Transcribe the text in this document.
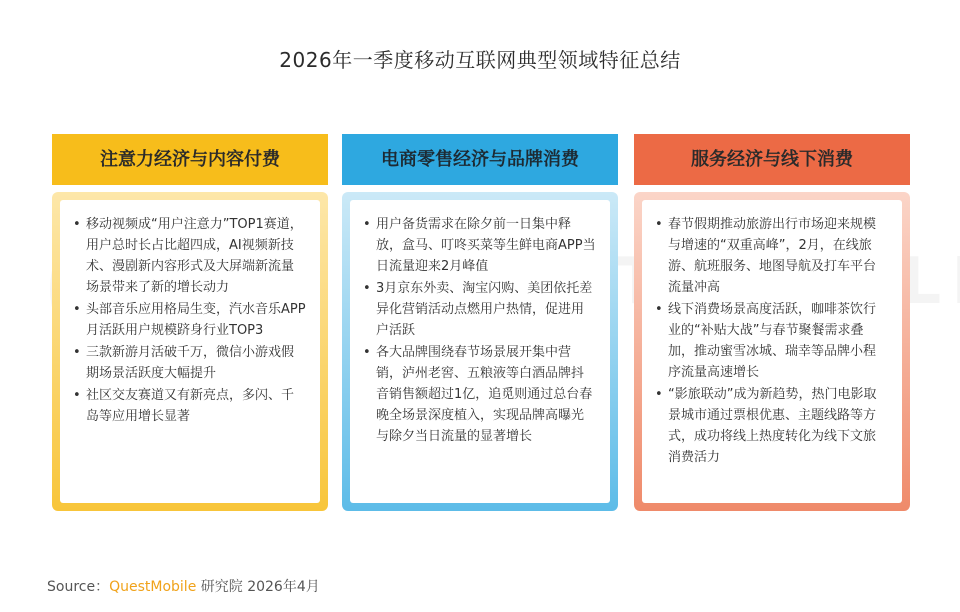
2026年一季度移动互联网典型领域特征总结
注意力经济与内容付费
• 移动视频成“用户注意力”TOP1赛道，用户总时长占比超四成，AI视频新技术、漫剧新内容形式及大屏端新流量场景带来了新的增长动力
• 头部音乐应用格局生变，汽水音乐APP月活跃用户规模跻身行业TOP3
• 三款新游月活破千万，微信小游戏假期场景活跃度大幅提升
• 社区交友赛道又有新亮点，多闪、千岛等应用增长显著
电商零售经济与品牌消费
• 用户备货需求在除夕前一日集中释放，盒马、叮咚买菜等生鲜电商APP当日流量迎来2月峰值
• 3月京东外卖、淘宝闪购、美团依托差异化营销活动点燃用户热情，促进用户活跃
• 各大品牌围绕春节场景展开集中营销，泸州老窖、五粮液等白酒品牌抖音销售额超过1亿，追觅则通过总台春晚全场景深度植入，实现品牌高曝光与除夕当日流量的显著增长
服务经济与线下消费
• 春节假期推动旅游出行市场迎来规模与增速的“双重高峰”，2月，在线旅游、航班服务、地图导航及打车平台流量冲高
• 线下消费场景高度活跃，咖啡茶饮行业的“补贴大战”与春节聚餐需求叠加，推动蜜雪冰城、瑞幸等品牌小程序流量高速增长
• “影旅联动”成为新趋势，热门电影取景城市通过票根优惠、主题线路等方式，成功将线上热度转化为线下文旅消费活力
Source：QuestMobile 研究院 2026年4月
